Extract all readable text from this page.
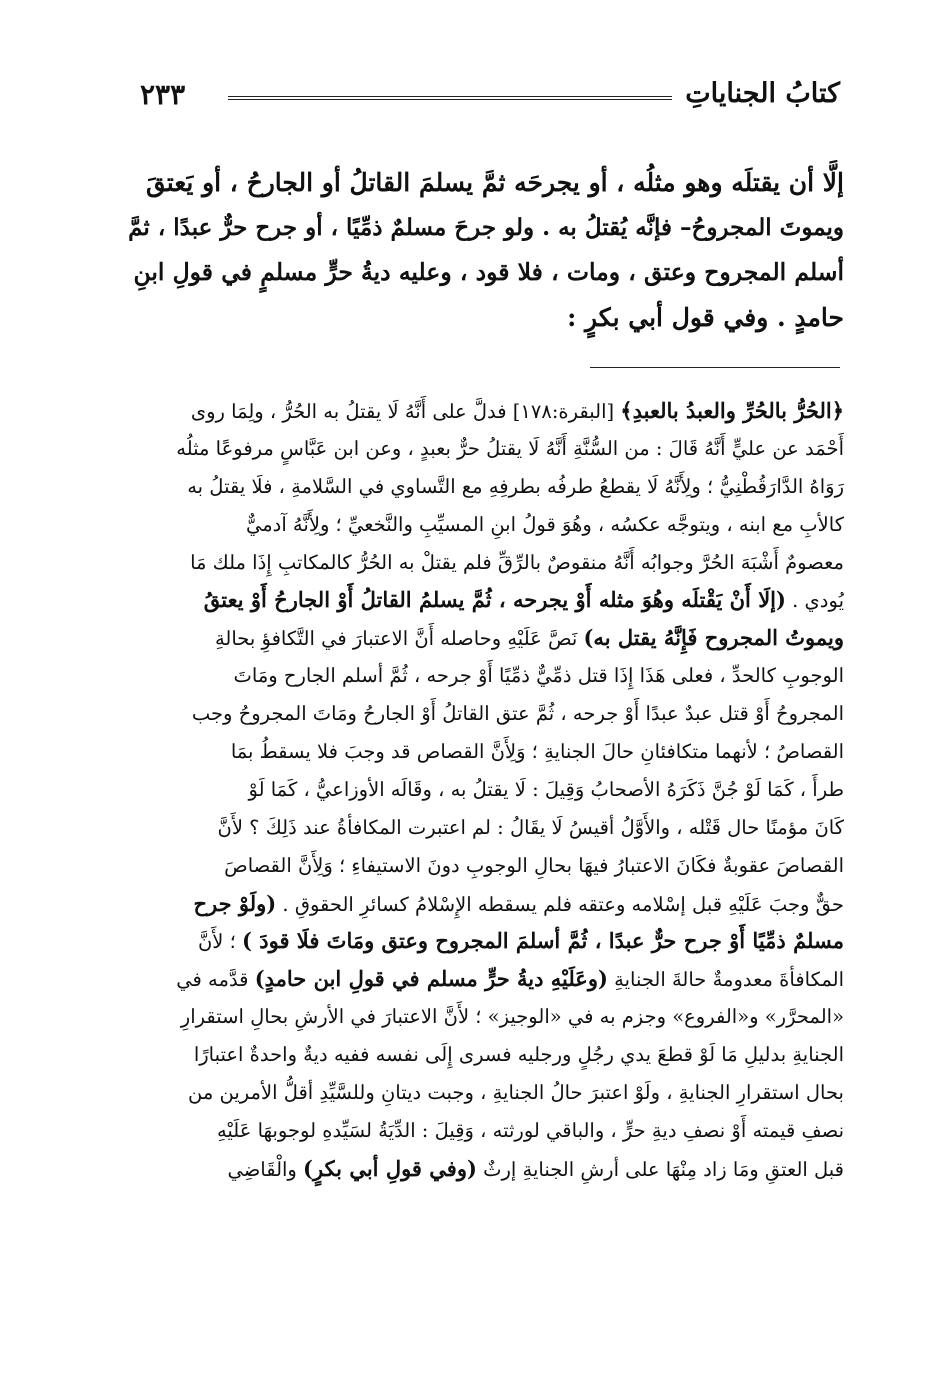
كتابُ الجناياتِ
٢٣٣
إلَّا أن يقتلَه وهو مثلُه ، أو يجرحَه ثمَّ يسلمَ القاتلُ أو الجارحُ ، أو يَعتقَ
ويموتَ المجروحُ– فإنَّه يُقتلُ به . ولو جرحَ مسلمٌ ذمِّيًا ، أو جرح حرٌّ عبدًا ، ثمَّ
أسلم المجروح وعتق ، ومات ، فلا قود ، وعليه ديةُ حرٍّ مسلمٍ في قولِ ابنِ
حامدٍ . وفي قول أبي بكرٍ :
﴿الحُرُّ بالحُرِّ والعبدُ بالعبدِ﴾ [البقرة:١٧٨] فدلَّ على أَنَّهُ لَا يقتلُ به الحُرُّ ، ولِمَا روى
أَحْمَد عن عليٍّ أَنَّهُ قَالَ : من السُّنَّةِ أَنَّهُ لَا يقتلُ حرٌّ بعبدٍ ، وعن ابن عَبَّاسٍ مرفوعًا مثلُه
رَوَاهُ الدَّارَقُطْنِيُّ ؛ ولِأَنَّهُ لَا يقطعُ طرفُه بطرفِهِ مع التَّساوي في السَّلامةِ ، فلَا يقتلُ به
كالأبِ مع ابنه ، ويتوجَّه عكسُه ، وهُوَ قولُ ابنِ المسيِّبِ والنَّخعيِّ ؛ ولِأَنَّهُ آدميٌّ
معصومٌ أَشْبَهَ الحُرَّ وجوابُه أَنَّهُ منقوصٌ بالرِّقِّ فلم يقتلْ به الحُرُّ كالمكاتبِ إِذَا ملك مَا
يُودي . (إلَا أَنْ يَقْتلَه وهُوَ مثله أَوْ يجرحه ، ثُمَّ يسلمُ القاتلُ أَوْ الجارحُ أَوْ يعتقُ
ويموتُ المجروح فَإِنَّهُ يقتل به) نَصَّ عَلَيْهِ وحاصله أَنَّ الاعتبارَ في التَّكافؤِ بحالةِ
الوجوبِ كالحدِّ ، فعلى هَذَا إِذَا قتل ذمِّيٌّ ذمِّيًا أَوْ جرحه ، ثُمَّ أسلم الجارح ومَاتَ
المجروحُ أَوْ قتل عبدٌ عبدًا أَوْ جرحه ، ثُمَّ عتق القاتلُ أَوْ الجارحُ ومَاتَ المجروحُ وجب
القصاصُ ؛ لأنهما متكافئانِ حالَ الجنايةِ ؛ وَلِأَنَّ القصاص قد وجبَ فلا يسقطُ بمَا
طرأَ ، كَمَا لَوْ جُنَّ ذَكَرَهُ الأصحابُ وَقِيلَ : لَا يقتلُ به ، وقَالَه الأوزاعيُّ ، كَمَا لَوْ
كَانَ مؤمنًا حال قَتْله ، والأَوَّلُ أقيسُ لَا يقَالُ : لم اعتبرت المكافأةُ عند ذَلِكَ ؟ لأَنَّ
القصاصَ عقوبةٌ فكَانَ الاعتبارُ فيهَا بحالِ الوجوبِ دونَ الاستيفاءِ ؛ وَلِأَنَّ القصاصَ
حقٌّ وجبَ عَلَيْهِ قبل إسْلامه وعتقه فلم يسقطه الإِسْلامُ كسائرِ الحقوقِ . (ولَوْ جرح
مسلمٌ ذمِّيًا أَوْ جرح حرٌّ عبدًا ، ثُمَّ أسلمَ المجروح وعتق ومَاتَ فلَا قودَ ) ؛ لأَنَّ
المكافأةَ معدومةٌ حالةَ الجنايةِ (وعَلَيْهِ ديةُ حرٍّ مسلم في قولِ ابن حامدٍ) قدَّمه في
«المحرَّر» و«الفروع» وجزم به في «الوجيز» ؛ لأَنَّ الاعتبارَ في الأرشِ بحالِ استقرارِ
الجنايةِ بدليلِ مَا لَوْ قطعَ يدي رجُلٍ ورجليه فسرى إِلَى نفسه ففيه ديةٌ واحدةٌ اعتبارًا
بحال استقرارِ الجنايةِ ، ولَوْ اعتبرَ حالُ الجنايةِ ، وجبت ديتانِ وللسَّيِّدِ أقلُّ الأمرين من
نصفِ قيمته أَوْ نصفِ ديةِ حرٍّ ، والباقي لورثته ، وَقِيلَ : الدِّيَةُ لسَيِّدهِ لوجوبهَا عَلَيْهِ
قبل العتقِ ومَا زاد مِنْهَا على أرشِ الجنايةِ إرثٌ (وفي قولِ أبي بكرٍ) والْقَاضِي
